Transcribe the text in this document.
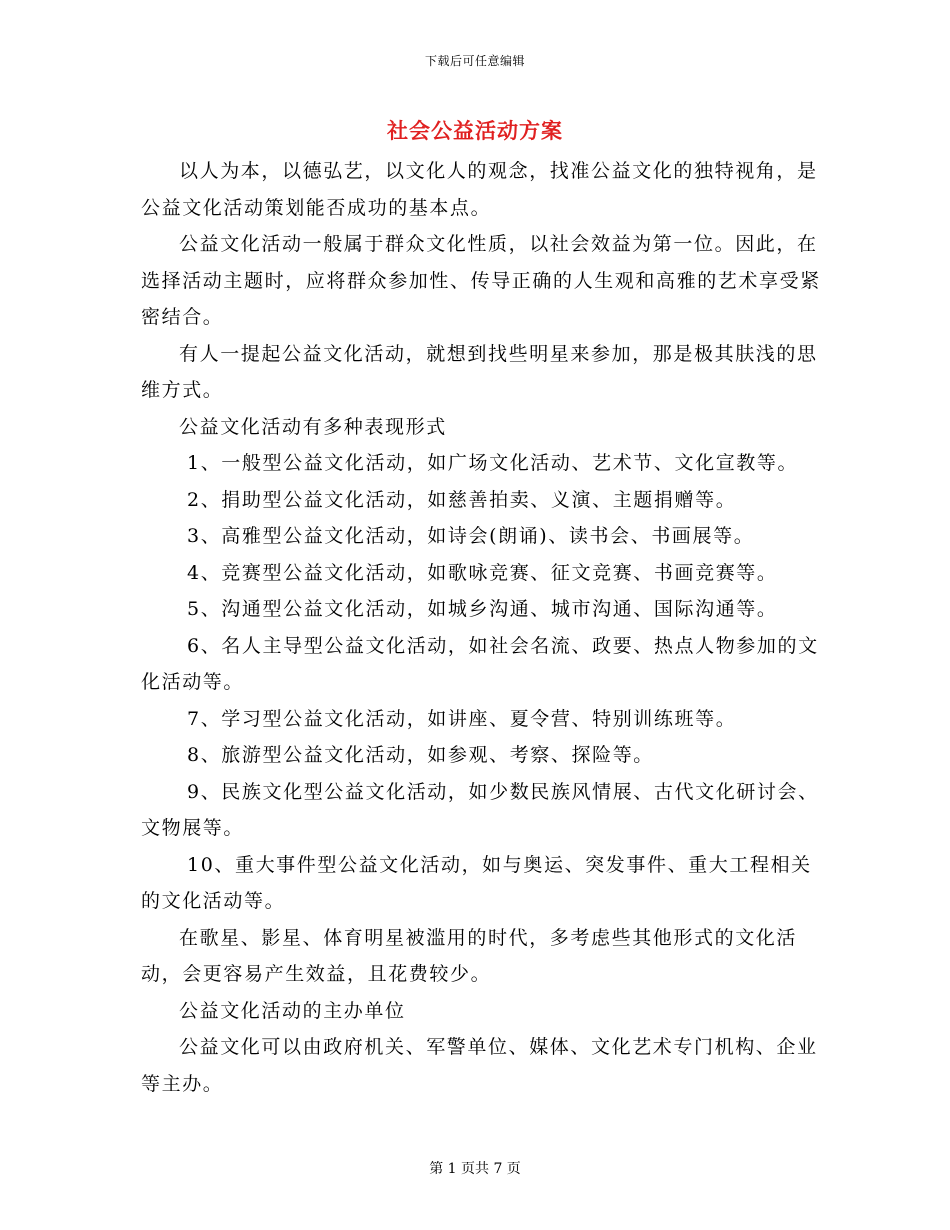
下载后可任意编辑
社会公益活动方案

以人为本，以德弘艺，以文化人的观念，找准公益文化的独特视角，是公益文化活动策划能否成功的基本点。

公益文化活动一般属于群众文化性质，以社会效益为第一位。因此，在选择活动主题时，应将群众参加性、传导正确的人生观和高雅的艺术享受紧密结合。

有人一提起公益文化活动，就想到找些明星来参加，那是极其肤浅的思维方式。

公益文化活动有多种表现形式

1、一般型公益文化活动，如广场文化活动、艺术节、文化宣教等。

2、捐助型公益文化活动，如慈善拍卖、义演、主题捐赠等。

3、高雅型公益文化活动，如诗会(朗诵)、读书会、书画展等。

4、竞赛型公益文化活动，如歌咏竞赛、征文竞赛、书画竞赛等。

5、沟通型公益文化活动，如城乡沟通、城市沟通、国际沟通等。

6、名人主导型公益文化活动，如社会名流、政要、热点人物参加的文化活动等。

7、学习型公益文化活动，如讲座、夏令营、特别训练班等。

8、旅游型公益文化活动，如参观、考察、探险等。

9、民族文化型公益文化活动，如少数民族风情展、古代文化研讨会、文物展等。

10、重大事件型公益文化活动，如与奥运、突发事件、重大工程相关的文化活动等。

在歌星、影星、体育明星被滥用的时代，多考虑些其他形式的文化活动，会更容易产生效益，且花费较少。

公益文化活动的主办单位

公益文化可以由政府机关、军警单位、媒体、文化艺术专门机构、企业等主办。

第 1 页共 7 页
